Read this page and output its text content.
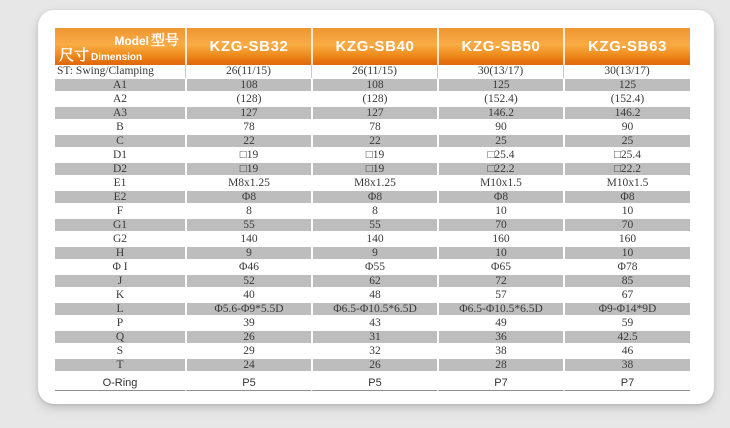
Model 型号
尺寸 Dimension	KZG-SB32	KZG-SB40	KZG-SB50	KZG-SB63
ST: Swing/Clamping	26(11/15)	26(11/15)	30(13/17)	30(13/17)
A1	108	108	125	125
A2	(128)	(128)	(152.4)	(152.4)
A3	127	127	146.2	146.2
B	78	78	90	90
C	22	22	25	25
D1	□19	□19	□25.4	□25.4
D2	□19	□19	□22.2	□22.2
E1	M8x1.25	M8x1.25	M10x1.5	M10x1.5
E2	Φ8	Φ8	Φ8	Φ8
F	8	8	10	10
G1	55	55	70	70
G2	140	140	160	160
H	9	9	10	10
Φ I	Φ46	Φ55	Φ65	Φ78
J	52	62	72	85
K	40	48	57	67
L	Φ5.6-Φ9*5.5D	Φ6.5-Φ10.5*6.5D	Φ6.5-Φ10.5*6.5D	Φ9-Φ14*9D
P	39	43	49	59
Q	26	31	36	42.5
S	29	32	38	46
T	24	26	28	38
O-Ring	P5	P5	P7	P7
